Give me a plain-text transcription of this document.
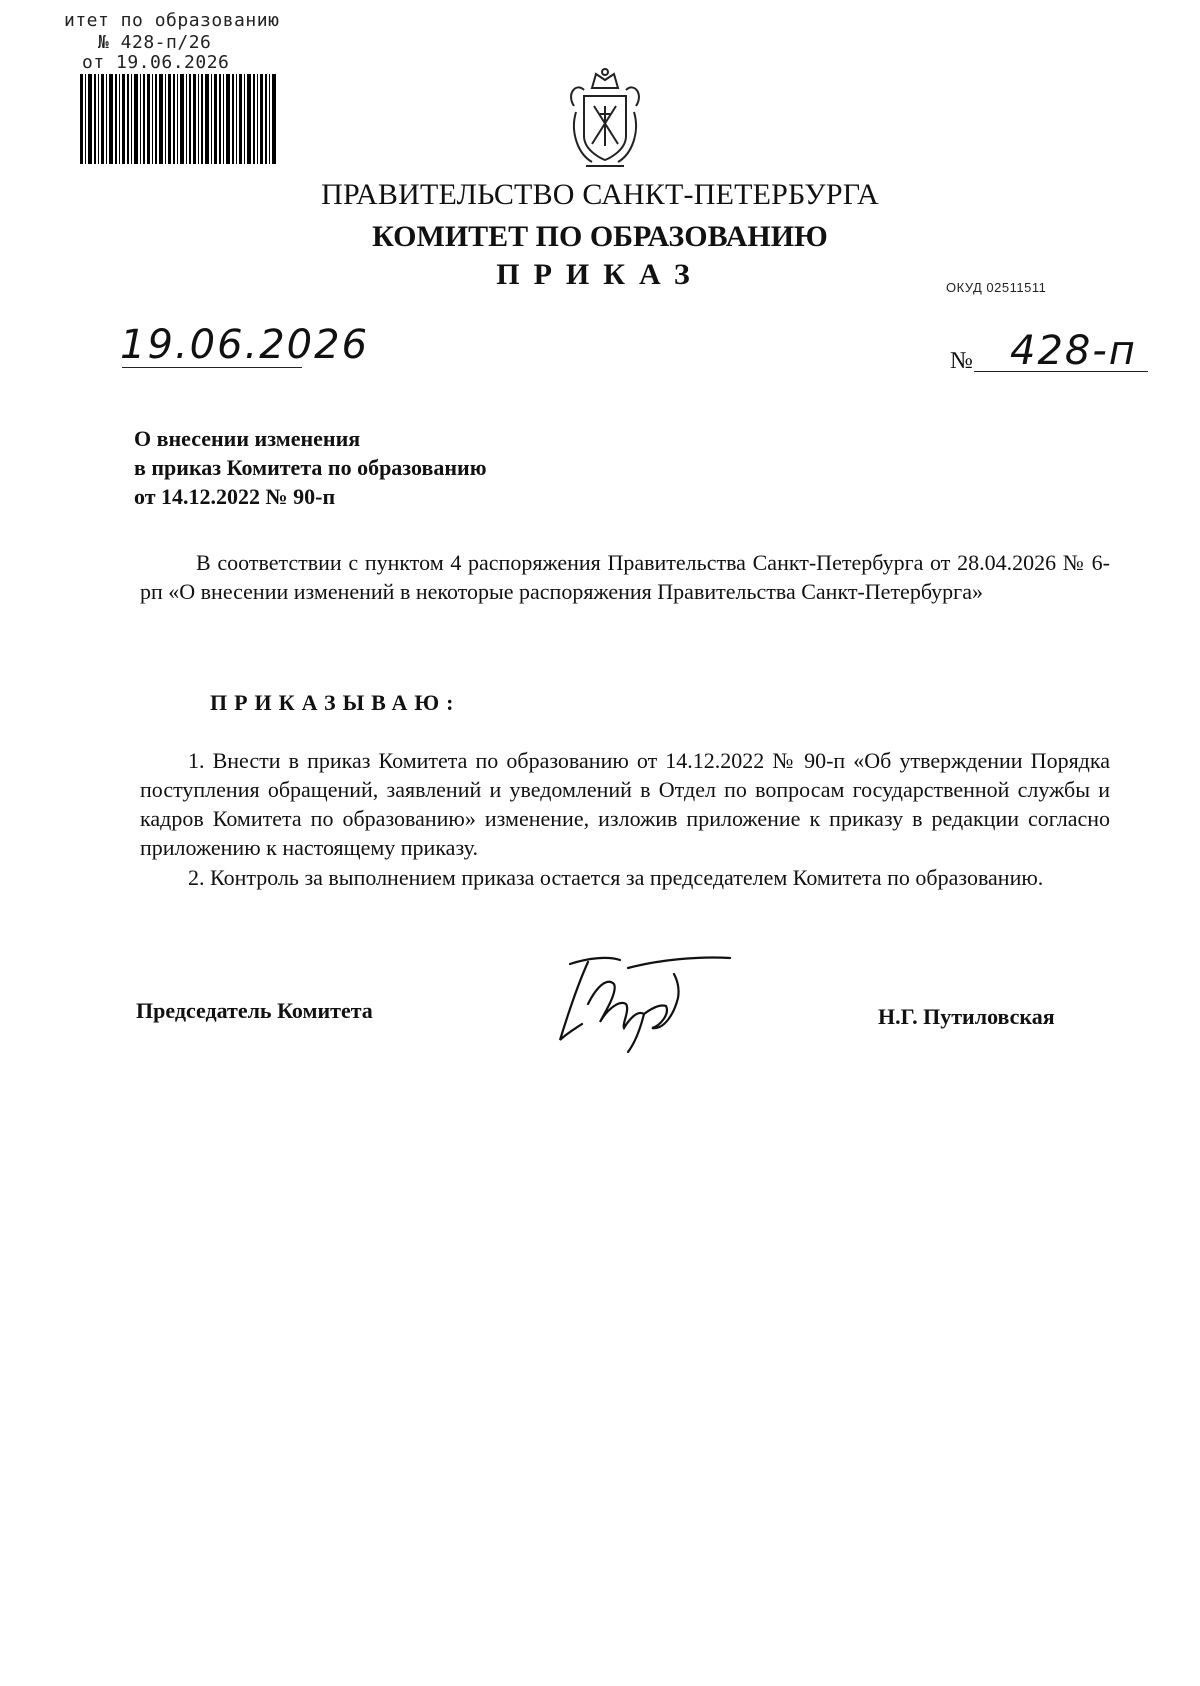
итет по образованию
№ 428-п/26
от 19.06.2026
ПРАВИТЕЛЬСТВО САНКТ-ПЕТЕРБУРГА
КОМИТЕТ ПО ОБРАЗОВАНИЮ
ПРИКАЗ	ОКУД 02511511
19.06.2026	№ 428-п
О внесении изменения
в приказ Комитета по образованию
от 14.12.2022 № 90-п
В соответствии с пунктом 4 распоряжения Правительства Санкт-Петербурга от 28.04.2026 № 6-рп «О внесении изменений в некоторые распоряжения Правительства Санкт-Петербурга»
ПРИКАЗЫВАЮ:
1. Внести в приказ Комитета по образованию от 14.12.2022 № 90-п «Об утверждении Порядка поступления обращений, заявлений и уведомлений в Отдел по вопросам государственной службы и кадров Комитета по образованию» изменение, изложив приложение к приказу в редакции согласно приложению к настоящему приказу.
2. Контроль за выполнением приказа остается за председателем Комитета по образованию.
Председатель Комитета	Н.Г. Путиловская
